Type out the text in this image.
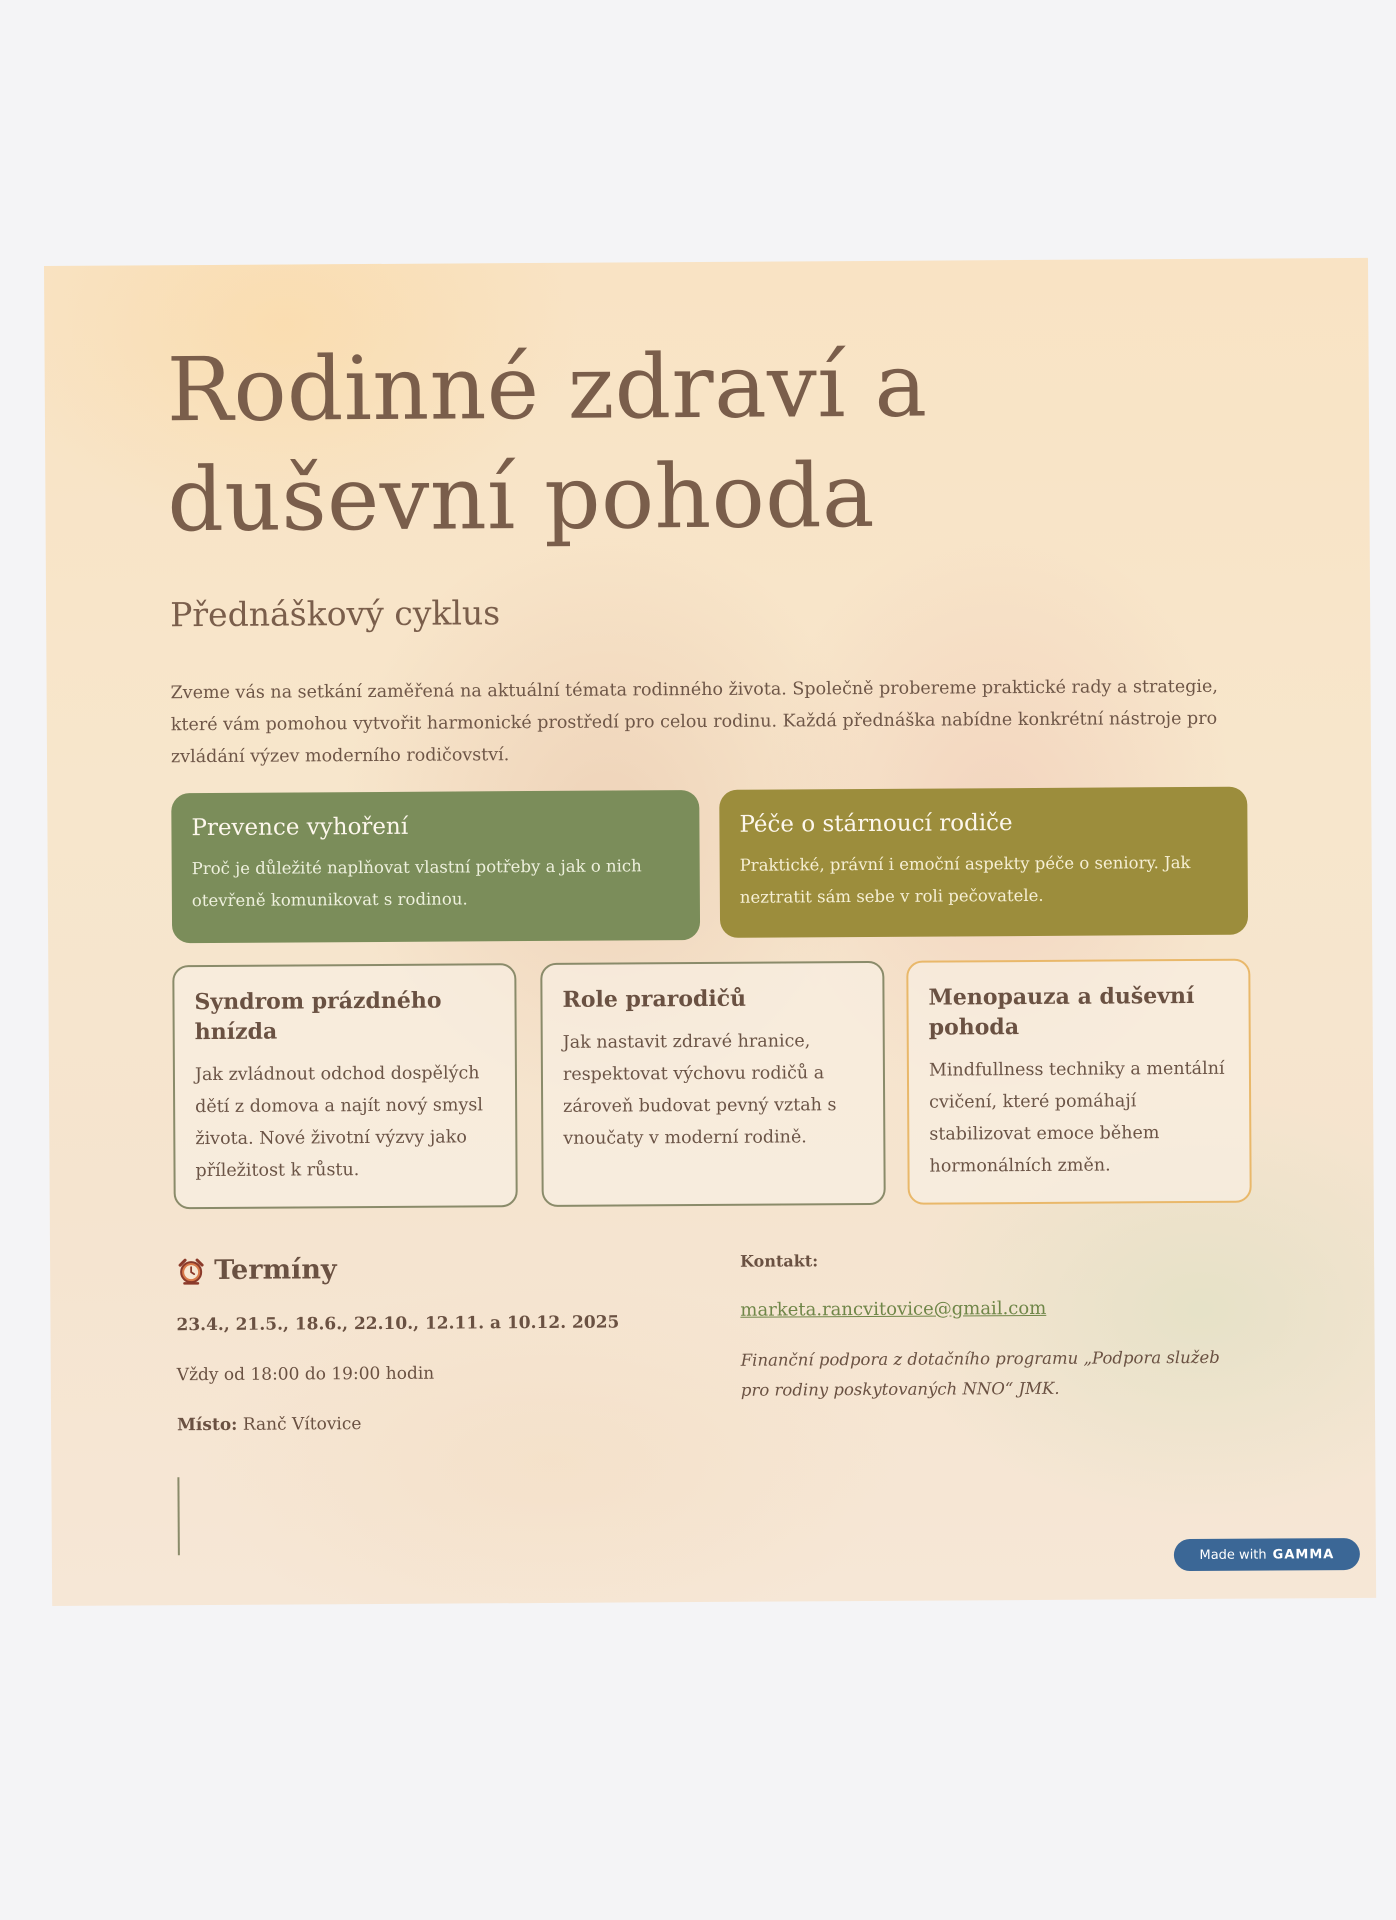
Rodinné zdraví a duševní pohoda
Přednáškový cyklus

Zveme vás na setkání zaměřená na aktuální témata rodinného života. Společně probereme praktické rady a strategie, které vám pomohou vytvořit harmonické prostředí pro celou rodinu. Každá přednáška nabídne konkrétní nástroje pro zvládání výzev moderního rodičovství.

Prevence vyhoření

Proč je důležité naplňovat vlastní potřeby a jak o nich otevřeně komunikovat s rodinou.

Péče o stárnoucí rodiče

Praktické, právní i emoční aspekty péče o seniory. Jak neztratit sám sebe v roli pečovatele.

Syndrom prázdného hnízda

Jak zvládnout odchod dospělých dětí z domova a najít nový smysl života. Nové životní výzvy jako příležitost k růstu.

Role prarodičů

Jak nastavit zdravé hranice, respektovat výchovu rodičů a zároveň budovat pevný vztah s vnoučaty v moderní rodině.

Menopauza a duševní pohoda

Mindfullness techniky a mentální cvičení, které pomáhají stabilizovat emoce během hormonálních změn.

Termíny

23.4., 21.5., 18.6., 22.10., 12.11. a 10.12. 2025

Vždy od 18:00 do 19:00 hodin

Místo: Ranč Vítovice

Kontakt:

marketa.rancvitovice@gmail.com

Finanční podpora z dotačního programu „Podpora služeb pro rodiny poskytovaných NNO“ JMK.

Made with GAMMA
